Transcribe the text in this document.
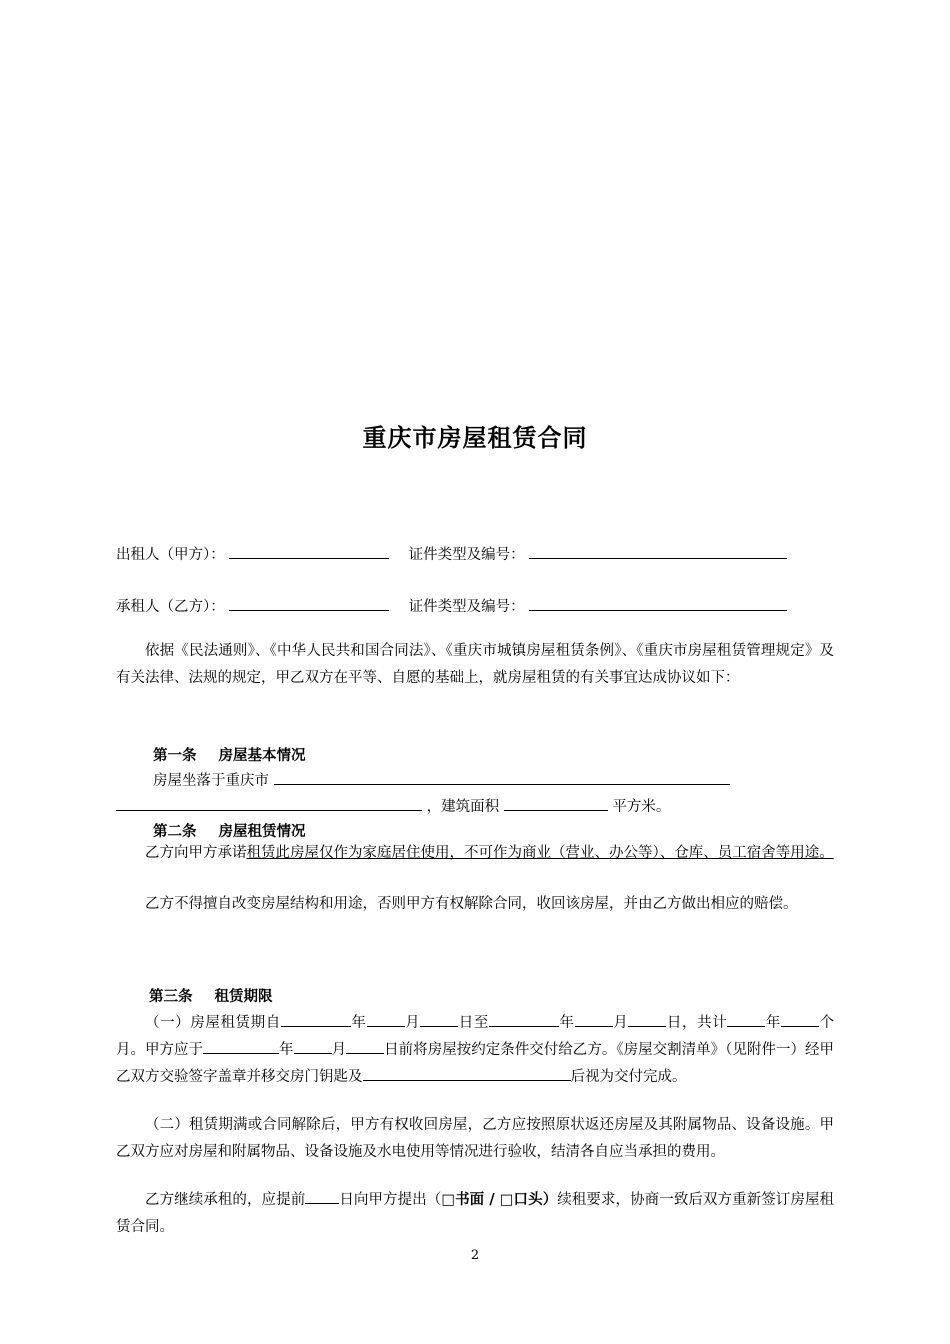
重庆市房屋租赁合同
出租人（甲方）：	证件类型及编号：
承租人（乙方）：	证件类型及编号：
依据《民法通则》、《中华人民共和国合同法》、《重庆市城镇房屋租赁条例》、《重庆市房屋租赁管理规定》及有关法律、法规的规定，甲乙双方在平等、自愿的基础上，就房屋租赁的有关事宜达成协议如下：
第一条 房屋基本情况
房屋坐落于重庆市
，建筑面积	平方米。
第二条 房屋租赁情况
乙方向甲方承诺租赁此房屋仅作为家庭居住使用，不可作为商业（营业、办公等）、仓库、员工宿舍等用途。
乙方不得擅自改变房屋结构和用途，否则甲方有权解除合同，收回该房屋，并由乙方做出相应的赔偿。
第三条 租赁期限
（一）房屋租赁期自	年	月	日至	年	月	日，共计	年	个月。甲方应于	年	月	日前将房屋按约定条件交付给乙方。《房屋交割清单》（见附件一）经甲乙双方交验签字盖章并移交房门钥匙及	后视为交付完成。
（二）租赁期满或合同解除后，甲方有权收回房屋，乙方应按照原状返还房屋及其附属物品、设备设施。甲乙双方应对房屋和附属物品、设备设施及水电使用等情况进行验收，结清各自应当承担的费用。
乙方继续承租的，应提前 日向甲方提出（□书面 / □口头）续租要求，协商一致后双方重新签订房屋租赁合同。
2
